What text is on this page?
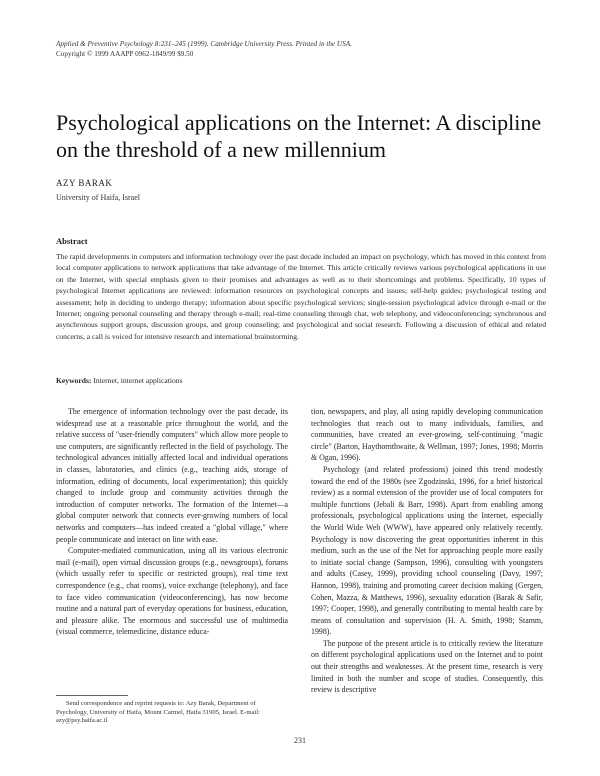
Applied & Preventive Psychology 8:231–245 (1999). Cambridge University Press. Printed in the USA.
Copyright © 1999 AAAPP 0962-1849/99 $9.50
Psychological applications on the Internet: A discipline on the threshold of a new millennium
AZY BARAK
University of Haifa, Israel
Abstract
The rapid developments in computers and information technology over the past decade included an impact on psychology, which has moved in this context from local computer applications to network applications that take advantage of the Internet. This article critically reviews various psychological applications in use on the Internet, with special emphasis given to their promises and advantages as well as to their shortcomings and problems. Specifically, 10 types of psychological Internet applications are reviewed: information resources on psychological concepts and issues; self-help guides; psychological testing and assessment; help in deciding to undergo therapy; information about specific psychological services; single-session psychological advice through e-mail or the Internet; ongoing personal counseling and therapy through e-mail; real-time counseling through chat, web telephony, and videoconferencing; synchronous and asynchronous support groups, discussion groups, and group counseling; and psychological and social research. Following a discussion of ethical and related concerns, a call is voiced for intensive research and international brainstorming.
Keywords: Internet, internet applications

The emergence of information technology over the past decade, its widespread use at a reasonable price throughout the world, and the relative success of "user-friendly computers" which allow more people to use computers, are significantly reflected in the field of psychology. The technological advances initially affected local and individual operations in classes, laboratories, and clinics (e.g., teaching aids, storage of information, editing of documents, local experimentation); this quickly changed to include group and community activities through the introduction of computer networks. The formation of the Internet—a global computer network that connects ever-growing numbers of local networks and computers—has indeed created a "global village," where people communicate and interact on line with ease.

Computer-mediated communication, using all its various electronic mail (e-mail), open virtual discussion groups (e.g., newsgroups), forums (which usually refer to specific or restricted groups), real time text correspondence (e.g., chat rooms), voice exchange (telephony), and face to face video communication (videoconferencing), has now become routine and a natural part of everyday operations for business, education, and pleasure alike. The enormous and successful use of multimedia (visual commerce, telemedicine, distance educa-

tion, newspapers, and play, all using rapidly developing communication technologies that reach out to many individuals, families, and communities, have created an ever-growing, self-continuing "magic circle" (Barton, Haythornthwaite, & Wellman, 1997; Jones, 1998; Morris & Ogan, 1996).

Psychology (and related professions) joined this trend modestly toward the end of the 1980s (see Zgodzinski, 1996, for a brief historical review) as a normal extension of the provider use of local computers for multiple functions (Jebali & Barr, 1998). Apart from enabling among professionals, psychological applications using the Internet, especially the World Wide Web (WWW), have appeared only relatively recently. Psychology is now discovering the great opportunities inherent in this medium, such as the use of the Net for approaching people more easily to initiate social change (Sampson, 1996), consulting with youngsters and adults (Casey, 1999), providing school counseling (Davy, 1997; Hannon, 1998), training and promoting career decision making (Gergen, Cohen, Mazza, & Matthews, 1996), sexuality education (Barak & Safir, 1997; Cooper, 1998), and generally contributing to mental health care by means of consultation and supervision (H. A. Smith, 1998; Stamm, 1998).

The purpose of the present article is to critically review the literature on different psychological applications used on the Internet and to point out their strengths and weaknesses. At the present time, research is very limited in both the number and scope of studies. Consequently, this review is descriptive

Send correspondence and reprint requests to: Azy Barak, Department of Psychology, University of Haifa, Mount Carmel, Haifa 31905, Israel. E-mail: azy@psy.haifa.ac.il
231
